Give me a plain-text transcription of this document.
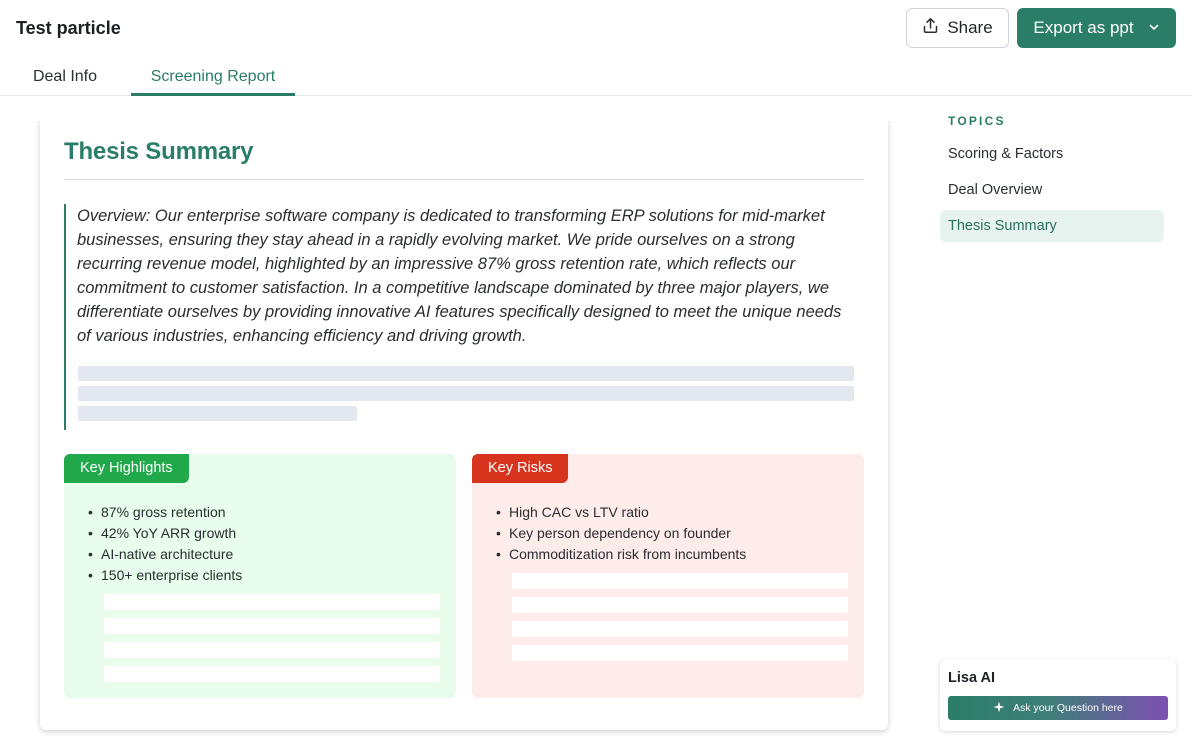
Test particle	Share Export as ppt
Deal Info	Screening Report
Thesis Summary

Overview: Our enterprise software company is dedicated to transforming ERP solutions for mid-market businesses, ensuring they stay ahead in a rapidly evolving market. We pride ourselves on a strong recurring revenue model, highlighted by an impressive 87% gross retention rate, which reflects our commitment to customer satisfaction. In a competitive landscape dominated by three major players, we differentiate ourselves by providing innovative AI features specifically designed to meet the unique needs of various industries, enhancing efficiency and driving growth.

Key Highlights
• 87% gross retention
• 42% YoY ARR growth
• AI-native architecture
• 150+ enterprise clients
Key Risks
• High CAC vs LTV ratio
• Key person dependency on founder
• Commoditization risk from incumbents
TOPICS
Scoring & Factors
Deal Overview
Thesis Summary
Lisa AI
Ask your Question here
